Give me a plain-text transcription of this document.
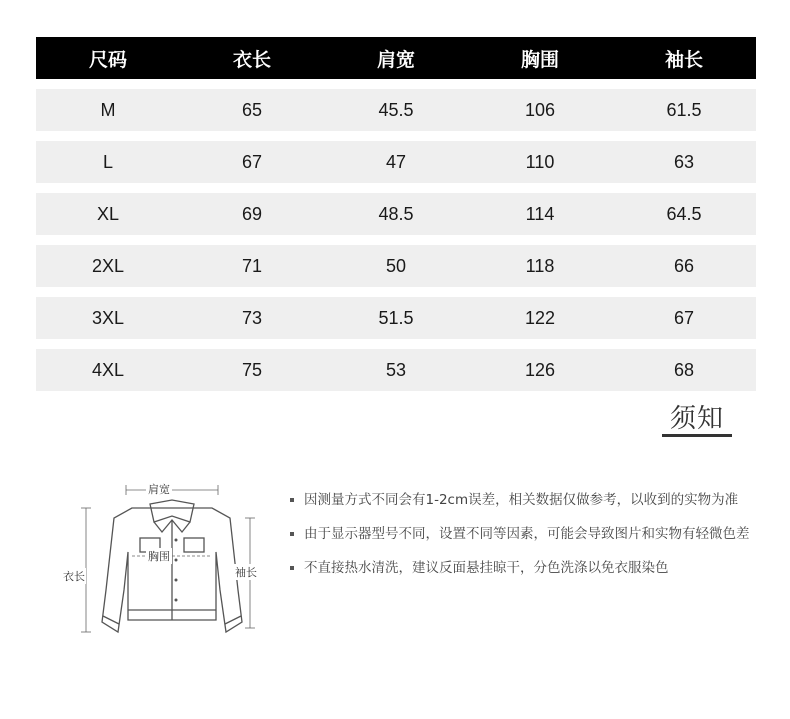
尺码	衣长	肩宽	胸围	袖长
M	65	45.5	106	61.5
L	67	47	110	63
XL	69	48.5	114	64.5
2XL	71	50	118	66
3XL	73	51.5	122	67
4XL	75	53	126	68
须知
肩宽
胸围
衣长	袖长
因测量方式不同会有1-2cm误差，相关数据仅做参考，以收到的实物为准
由于显示器型号不同，设置不同等因素，可能会导致图片和实物有轻微色差
不直接热水清洗，建议反面悬挂晾干，分色洗涤以免衣服染色
